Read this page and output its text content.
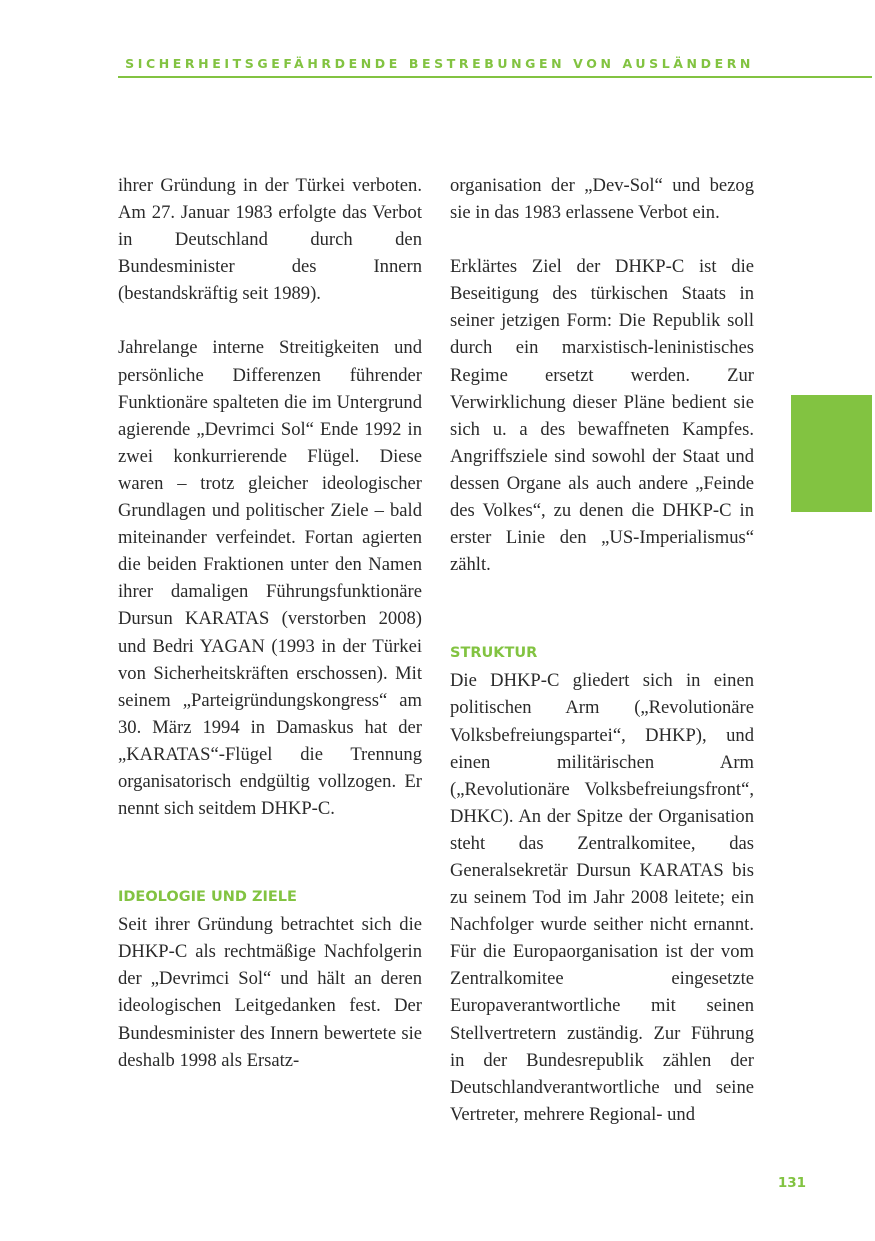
SICHERHEITSGEFÄHRDENDE BESTREBUNGEN VON AUSLÄNDERN

ihrer Gründung in der Türkei verboten. Am 27. Januar 1983 erfolgte das Verbot in Deutschland durch den Bundesminister des Innern (bestandskräftig seit 1989).

Jahrelange interne Streitigkeiten und persönliche Differenzen führender Funktionäre spalteten die im Untergrund agierende „Devrimci Sol“ Ende 1992 in zwei konkurrierende Flügel. Diese waren – trotz gleicher ideologischer Grundlagen und politischer Ziele – bald miteinander verfeindet. Fortan agierten die beiden Fraktionen unter den Namen ihrer damaligen Führungsfunktionäre Dursun KARATAS (verstorben 2008) und Bedri YAGAN (1993 in der Türkei von Sicherheitskräften erschossen). Mit seinem „Parteigründungskongress“ am 30. März 1994 in Damaskus hat der „KARATAS“-Flügel die Trennung organisatorisch endgültig vollzogen. Er nennt sich seitdem DHKP-C.

IDEOLOGIE UND ZIELE

Seit ihrer Gründung betrachtet sich die DHKP-C als rechtmäßige Nachfolgerin der „Devrimci Sol“ und hält an deren ideologischen Leitgedanken fest. Der Bundesminister des Innern bewertete sie deshalb 1998 als Ersatz-

organisation der „Dev-Sol“ und bezog sie in das 1983 erlassene Verbot ein.

Erklärtes Ziel der DHKP-C ist die Beseitigung des türkischen Staats in seiner jetzigen Form: Die Republik soll durch ein marxistisch-leninistisches Regime ersetzt werden. Zur Verwirklichung dieser Pläne bedient sie sich u. a des bewaffneten Kampfes. Angriffsziele sind sowohl der Staat und dessen Organe als auch andere „Feinde des Volkes“, zu denen die DHKP-C in erster Linie den „US-Imperialismus“ zählt.

STRUKTUR

Die DHKP-C gliedert sich in einen politischen Arm („Revolutionäre Volksbefreiungspartei“, DHKP), und einen militärischen Arm („Revolutionäre Volksbefreiungsfront“, DHKC). An der Spitze der Organisation steht das Zentralkomitee, das Generalsekretär Dursun KARATAS bis zu seinem Tod im Jahr 2008 leitete; ein Nachfolger wurde seither nicht ernannt. Für die Europaorganisation ist der vom Zentralkomitee eingesetzte Europaverantwortliche mit seinen Stellvertretern zuständig. Zur Führung in der Bundesrepublik zählen der Deutschlandverantwortliche und seine Vertreter, mehrere Regional- und

131
